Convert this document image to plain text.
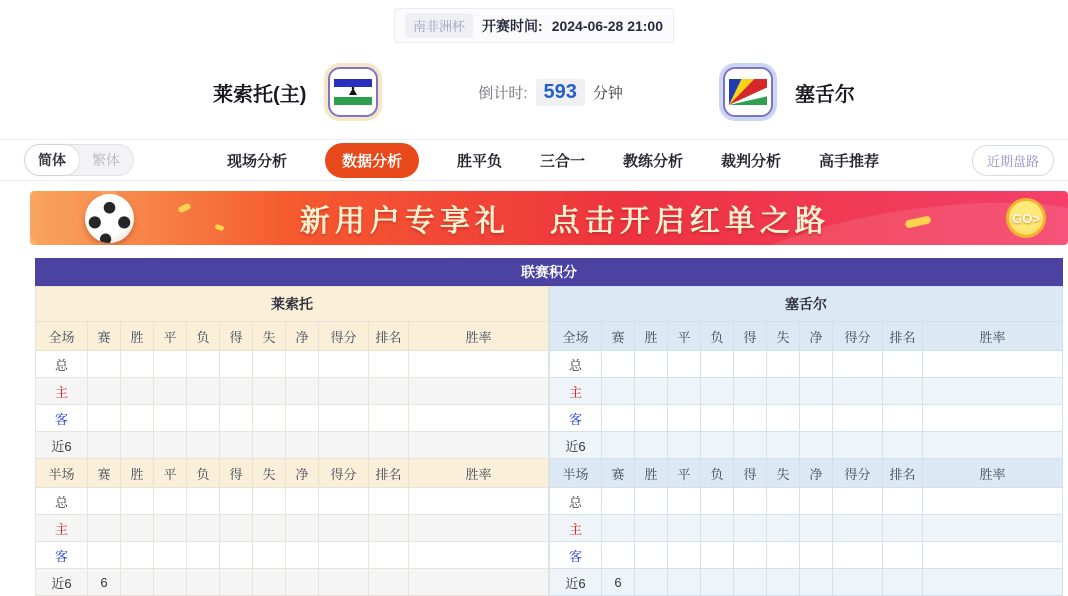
南非洲杯	开赛时间: 2024-06-28 21:00
莱索托(主)	倒计时: 593	分钟	塞舌尔
简体	繁体	现场分析	数据分析	胜平负	三合一	教练分析	裁判分析	高手推荐	近期盘路
新用户专享礼 点击开启红单之路	GO>
联赛积分
莱索托										
全场	赛	胜	平	负	得	失	净	得分	排名	胜率
总										
主										
客										
近6										
半场	赛	胜	平	负	得	失	净	得分	排名	胜率
总										
主										
客										
近6	6									
塞舌尔										
全场	赛	胜	平	负	得	失	净	得分	排名	胜率
总										
主										
客										
近6										
半场	赛	胜	平	负	得	失	净	得分	排名	胜率
总										
主										
客										
近6	6									
